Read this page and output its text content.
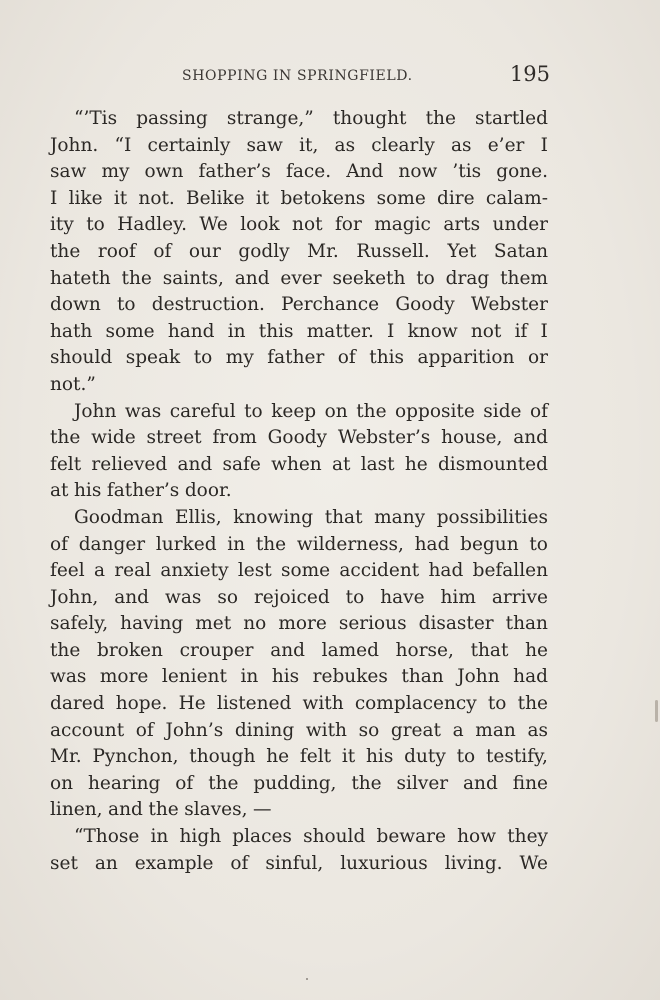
SHOPPING IN SPRINGFIELD.	195
“’Tis passing strange,” thought the startled
John. “I certainly saw it, as clearly as e’er I
saw my own father’s face. And now ’tis gone.
I like it not. Belike it betokens some dire calam-
ity to Hadley. We look not for magic arts under
the roof of our godly Mr. Russell. Yet Satan
hateth the saints, and ever seeketh to drag them
down to destruction. Perchance Goody Webster
hath some hand in this matter. I know not if I
should speak to my father of this apparition or
not.”
John was careful to keep on the opposite side of
the wide street from Goody Webster’s house, and
felt relieved and safe when at last he dismounted
at his father’s door.
Goodman Ellis, knowing that many possibilities
of danger lurked in the wilderness, had begun to
feel a real anxiety lest some accident had befallen
John, and was so rejoiced to have him arrive
safely, having met no more serious disaster than
the broken crouper and lamed horse, that he
was more lenient in his rebukes than John had
dared hope. He listened with complacency to the
account of John’s dining with so great a man as
Mr. Pynchon, though he felt it his duty to testify,
on hearing of the pudding, the silver and fine
linen, and the slaves, —
“Those in high places should beware how they
set an example of sinful, luxurious living. We
